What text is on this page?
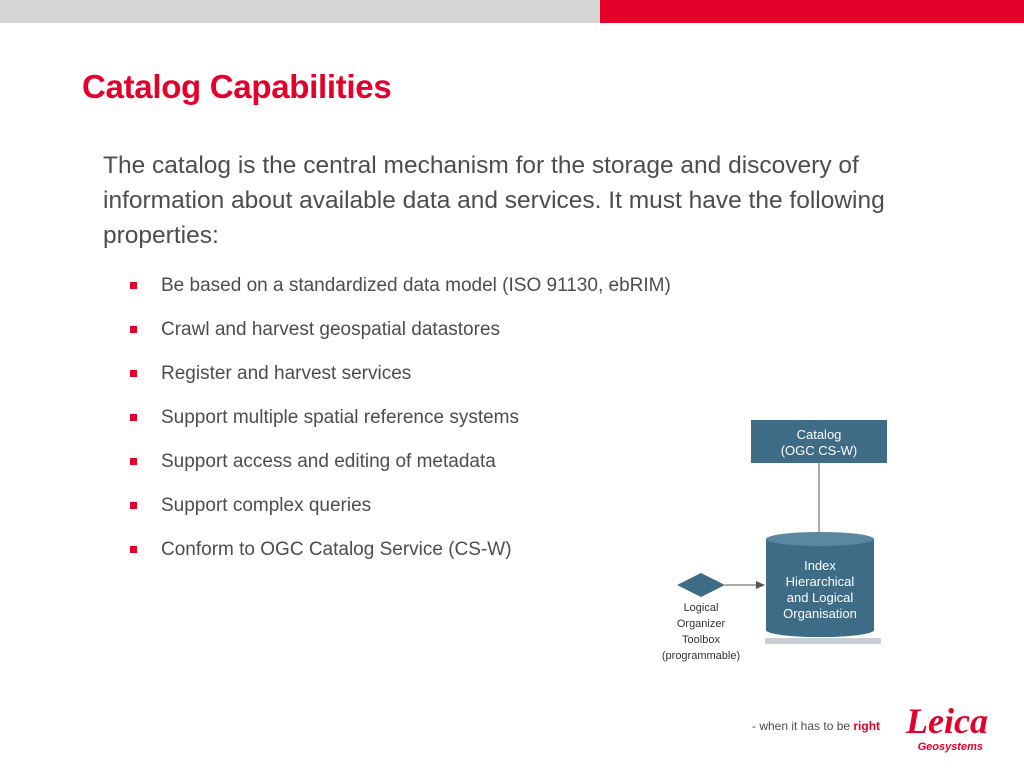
Catalog Capabilities
The catalog is the central mechanism for the storage and discovery of information about available data and services. It must have the following properties:
Be based on a standardized data model (ISO 91130, ebRIM)
Crawl and harvest geospatial datastores
Register and harvest services
Support multiple spatial reference systems
Support access and editing of metadata
Support complex queries
Conform to OGC Catalog Service (CS-W)
Catalog
(OGC CS-W)
Index
Hierarchical
and Logical
Organisation
Logical
Organizer
Toolbox
(programmable)
Leica
Geosystems
- when it has to be right
